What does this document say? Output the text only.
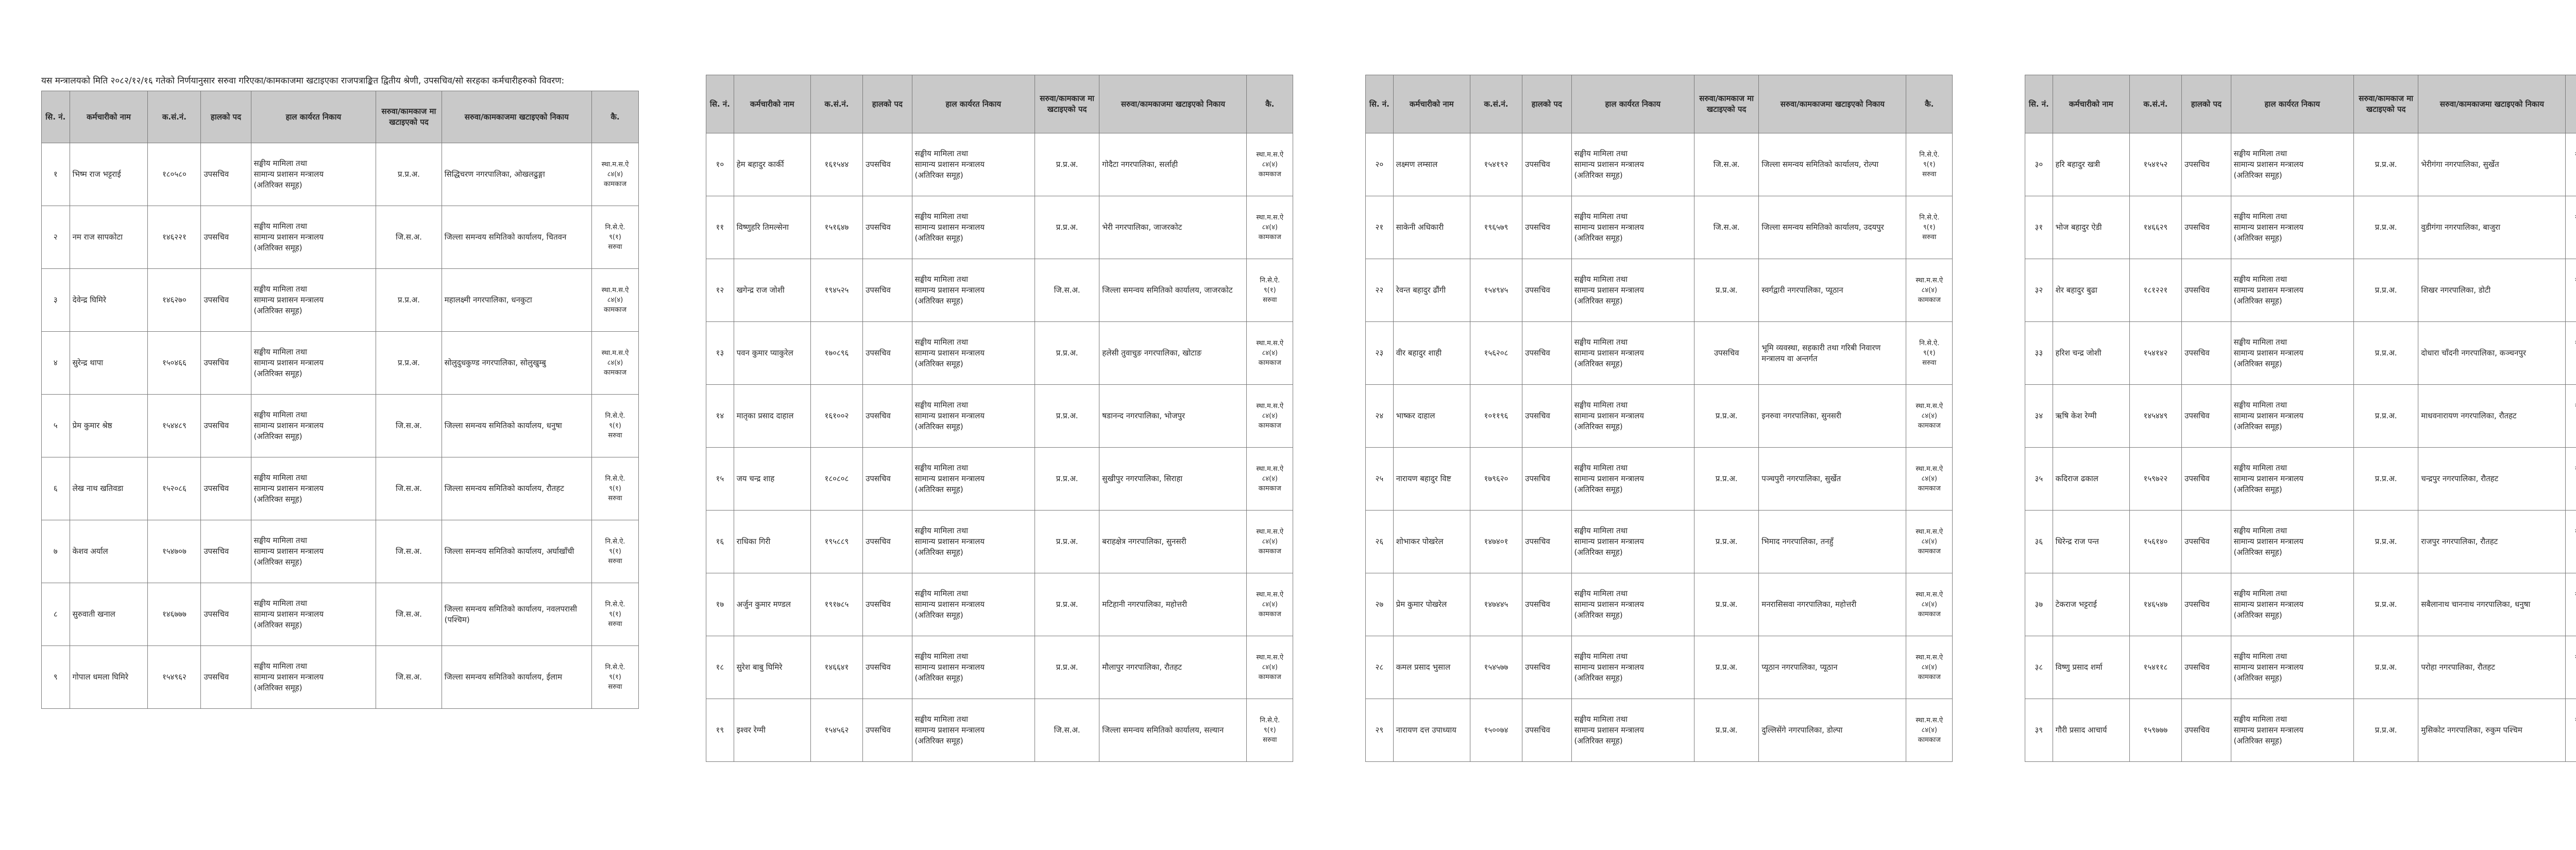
यस मन्त्रालयको मिति २०८२/१२/१६ गतेको निर्णयानुसार सरुवा गरिएका/कामकाजमा खटाइएका राजपत्राङ्कित द्वितीय श्रेणी, उपसचिव/सो सरहका कर्मचारीहरुको विवरण:

सि. नं.	कर्मचारीको नाम	क.सं.नं.	हालको पद	हाल कार्यरत निकाय	सरुवा/कामकाज मा खटाइएको पद	सरुवा/कामकाजमा खटाइएको निकाय	कै.
१	भिष्म राज भट्टराई	१८०५८०	उपसचिव	सङ्घीय मामिला तथा
सामान्य प्रशासन मन्त्रालय
(अतिरिक्त समूह)	प्र.प्र.अ.	सिद्धिचरण नगरपालिका, ओखलढुङ्गा	स्था.म.स.ऐ
८४(४)
कामकाज

२	नम राज सापकोटा	१४६२२१	उपसचिव	सङ्घीय मामिला तथा
सामान्य प्रशासन मन्त्रालय
(अतिरिक्त समूह)	जि.स.अ.	जिल्ला समन्वय समितिको कार्यालय, चितवन	नि.से.ऐ.
९(१)
सरुवा

३	देवेन्द्र घिमिरे	१४६२७०	उपसचिव	सङ्घीय मामिला तथा
सामान्य प्रशासन मन्त्रालय
(अतिरिक्त समूह)	प्र.प्र.अ.	महालक्ष्मी नगरपालिका, धनकुटा	स्था.म.स.ऐ
८४(४)
कामकाज

४	सुरेन्द्र थापा	१५०४६६	उपसचिव	सङ्घीय मामिला तथा
सामान्य प्रशासन मन्त्रालय
(अतिरिक्त समूह)	प्र.प्र.अ.	सोलुदुधकुण्ड नगरपालिका, सोलुखुम्बु	स्था.म.स.ऐ
८४(४)
कामकाज

५	प्रेम कुमार श्रेष्ठ	१५४४८९	उपसचिव	सङ्घीय मामिला तथा
सामान्य प्रशासन मन्त्रालय
(अतिरिक्त समूह)	जि.स.अ.	जिल्ला समन्वय समितिको कार्यालय, धनुषा	नि.से.ऐ.
९(१)
सरुवा

६	लेख नाथ खतिवडा	१५२०८६	उपसचिव	सङ्घीय मामिला तथा
सामान्य प्रशासन मन्त्रालय
(अतिरिक्त समूह)	जि.स.अ.	जिल्ला समन्वय समितिको कार्यालय, रौतहट	नि.से.ऐ.
९(१)
सरुवा

७	केशव अर्याल	१५४७०७	उपसचिव	सङ्घीय मामिला तथा
सामान्य प्रशासन मन्त्रालय
(अतिरिक्त समूह)	जि.स.अ.	जिल्ला समन्वय समितिको कार्यालय, अर्घाखाँची	नि.से.ऐ.
९(१)
सरुवा

८	सुरुवाती खनाल	१४६७७७	उपसचिव	सङ्घीय मामिला तथा
सामान्य प्रशासन मन्त्रालय
(अतिरिक्त समूह)	जि.स.अ.	जिल्ला समन्वय समितिको कार्यालय, नवलपरासी (पश्चिम)	नि.से.ऐ.
९(१)
सरुवा

९	गोपाल धमला घिमिरे	१५४९६२	उपसचिव	सङ्घीय मामिला तथा
सामान्य प्रशासन मन्त्रालय
(अतिरिक्त समूह)	जि.स.अ.	जिल्ला समन्वय समितिको कार्यालय, ईलाम	नि.से.ऐ.
९(१)
सरुवा
सि. नं.	कर्मचारीको नाम	क.सं.नं.	हालको पद	हाल कार्यरत निकाय	सरुवा/कामकाज मा खटाइएको पद	सरुवा/कामकाजमा खटाइएको निकाय	कै.
१०	हेम बहादुर कार्की	१६१५४४	उपसचिव	सङ्घीय मामिला तथा
सामान्य प्रशासन मन्त्रालय
(अतिरिक्त समूह)	प्र.प्र.अ.	गोदैटा नगरपालिका, सर्लाही	स्था.म.स.ऐ
८४(४)
कामकाज

११	विष्णुहरि तिमल्सेना	१५१६४७	उपसचिव	सङ्घीय मामिला तथा
सामान्य प्रशासन मन्त्रालय
(अतिरिक्त समूह)	प्र.प्र.अ.	भेरी नगरपालिका, जाजरकोट	स्था.म.स.ऐ
८४(४)
कामकाज

१२	खगेन्द्र राज जोशी	१९४५२५	उपसचिव	सङ्घीय मामिला तथा
सामान्य प्रशासन मन्त्रालय
(अतिरिक्त समूह)	जि.स.अ.	जिल्ला समन्वय समितिको कार्यालय, जाजरकोट	नि.से.ऐ.
९(१)
सरुवा

१३	पवन कुमार प्याकुरेल	१७०८९६	उपसचिव	सङ्घीय मामिला तथा
सामान्य प्रशासन मन्त्रालय
(अतिरिक्त समूह)	प्र.प्र.अ.	हलेसी तुवाचुङ नगरपालिका, खोटाङ	स्था.म.स.ऐ
८४(४)
कामकाज

१४	मातृका प्रसाद दाहाल	१६१००२	उपसचिव	सङ्घीय मामिला तथा
सामान्य प्रशासन मन्त्रालय
(अतिरिक्त समूह)	प्र.प्र.अ.	षडानन्द नगरपालिका, भोजपुर	स्था.म.स.ऐ
८४(४)
कामकाज

१५	जय चन्द्र शाह	१८०८०८	उपसचिव	सङ्घीय मामिला तथा
सामान्य प्रशासन मन्त्रालय
(अतिरिक्त समूह)	प्र.प्र.अ.	सुखीपुर नगरपालिका, सिराहा	स्था.म.स.ऐ
८४(४)
कामकाज

१६	राधिका गिरी	१९५८८९	उपसचिव	सङ्घीय मामिला तथा
सामान्य प्रशासन मन्त्रालय
(अतिरिक्त समूह)	प्र.प्र.अ.	बराहक्षेत्र नगरपालिका, सुनसरी	स्था.म.स.ऐ
८४(४)
कामकाज

१७	अर्जुन कुमार मण्डल	१९१७८५	उपसचिव	सङ्घीय मामिला तथा
सामान्य प्रशासन मन्त्रालय
(अतिरिक्त समूह)	प्र.प्र.अ.	मटिहानी नगरपालिका, महोत्तरी	स्था.म.स.ऐ
८४(४)
कामकाज

१८	सुरेश बाबु घिमिरे	१४६६४१	उपसचिव	सङ्घीय मामिला तथा
सामान्य प्रशासन मन्त्रालय
(अतिरिक्त समूह)	प्र.प्र.अ.	मौलापुर नगरपालिका, रौतहट	स्था.म.स.ऐ
८४(४)
कामकाज

१९	इश्वर रेग्मी	१५४५६२	उपसचिव	सङ्घीय मामिला तथा
सामान्य प्रशासन मन्त्रालय
(अतिरिक्त समूह)	जि.स.अ.	जिल्ला समन्वय समितिको कार्यालय, सल्यान	नि.से.ऐ.
९(१)
सरुवा
सि. नं.	कर्मचारीको नाम	क.सं.नं.	हालको पद	हाल कार्यरत निकाय	सरुवा/कामकाज मा खटाइएको पद	सरुवा/कामकाजमा खटाइएको निकाय	कै.
२०	लक्ष्मण लम्साल	१५४१९२	उपसचिव	सङ्घीय मामिला तथा
सामान्य प्रशासन मन्त्रालय
(अतिरिक्त समूह)	जि.स.अ.	जिल्ला समन्वय समितिको कार्यालय, रोल्पा	नि.से.ऐ.
९(१)
सरुवा

२१	साकेनी अधिकारी	१९६५७९	उपसचिव	सङ्घीय मामिला तथा
सामान्य प्रशासन मन्त्रालय
(अतिरिक्त समूह)	जि.स.अ.	जिल्ला समन्वय समितिको कार्यालय, उदयपुर	नि.से.ऐ.
९(१)
सरुवा

२२	रेवन्त बहादुर ढौंगी	१५४९४५	उपसचिव	सङ्घीय मामिला तथा
सामान्य प्रशासन मन्त्रालय
(अतिरिक्त समूह)	प्र.प्र.अ.	स्वर्गद्वारी नगरपालिका, प्यूठान	स्था.म.स.ऐ
८४(४)
कामकाज

२३	वीर बहादुर शाही	१५६२०८	उपसचिव	सङ्घीय मामिला तथा
सामान्य प्रशासन मन्त्रालय
(अतिरिक्त समूह)	उपसचिव	भूमि व्यवस्था, सहकारी तथा गरिबी निवारण मन्त्रालय वा अन्तर्गत	नि.से.ऐ.
९(१)
सरुवा

२४	भाष्कर दाहाल	१०११९६	उपसचिव	सङ्घीय मामिला तथा
सामान्य प्रशासन मन्त्रालय
(अतिरिक्त समूह)	प्र.प्र.अ.	इनरुवा नगरपालिका, सुनसरी	स्था.म.स.ऐ
८४(४)
कामकाज

२५	नारायण बहादुर विष्ट	१७९६२०	उपसचिव	सङ्घीय मामिला तथा
सामान्य प्रशासन मन्त्रालय
(अतिरिक्त समूह)	प्र.प्र.अ.	पञ्चपुरी नगरपालिका, सुर्खेत	स्था.म.स.ऐ
८४(४)
कामकाज

२६	शोभाकर पोखरेल	१४७४०१	उपसचिव	सङ्घीय मामिला तथा
सामान्य प्रशासन मन्त्रालय
(अतिरिक्त समूह)	प्र.प्र.अ.	भिमाद नगरपालिका, तनहुँ	स्था.म.स.ऐ
८४(४)
कामकाज

२७	प्रेम कुमार पोखरेल	१४७४४५	उपसचिव	सङ्घीय मामिला तथा
सामान्य प्रशासन मन्त्रालय
(अतिरिक्त समूह)	प्र.प्र.अ.	मनरासिसवा नगरपालिका, महोत्तरी	स्था.म.स.ऐ
८४(४)
कामकाज

२८	कमल प्रसाद भुसाल	१५४५७७	उपसचिव	सङ्घीय मामिला तथा
सामान्य प्रशासन मन्त्रालय
(अतिरिक्त समूह)	प्र.प्र.अ.	प्यूठान नगरपालिका, प्यूठान	स्था.म.स.ऐ
८४(४)
कामकाज

२९	नारायण दत्त उपाध्याय	१५००७४	उपसचिव	सङ्घीय मामिला तथा
सामान्य प्रशासन मन्त्रालय
(अतिरिक्त समूह)	प्र.प्र.अ.	दुल्लिसेंगे नगरपालिका, डोल्पा	स्था.म.स.ऐ
८४(४)
कामकाज
सि. नं.	कर्मचारीको नाम	क.सं.नं.	हालको पद	हाल कार्यरत निकाय	सरुवा/कामकाज मा खटाइएको पद	सरुवा/कामकाजमा खटाइएको निकाय	
३०	हरि बहादुर खत्री	१५४१५२	उपसचिव	सङ्घीय मामिला तथा
सामान्य प्रशासन मन्त्रालय
(अतिरिक्त समूह)	प्र.प्र.अ.	भेरीगंगा नगरपालिका, सुर्खेत	

३१	भोज बहादुर ऐडी	१४६६२९	उपसचिव	सङ्घीय मामिला तथा
सामान्य प्रशासन मन्त्रालय
(अतिरिक्त समूह)	प्र.प्र.अ.	वुडीगंगा नगरपालिका, बाजुरा	

३२	शेर बहादुर बुढा	१८१२२१	उपसचिव	सङ्घीय मामिला तथा
सामान्य प्रशासन मन्त्रालय
(अतिरिक्त समूह)	प्र.प्र.अ.	शिखर नगरपालिका, डोटी	

३३	हरिश चन्द्र जोशी	१५४१४२	उपसचिव	सङ्घीय मामिला तथा
सामान्य प्रशासन मन्त्रालय
(अतिरिक्त समूह)	प्र.प्र.अ.	दोधारा चाँदनी नगरपालिका, कञ्चनपुर	

३४	ऋषि केश रेग्मी	१४५४४९	उपसचिव	सङ्घीय मामिला तथा
सामान्य प्रशासन मन्त्रालय
(अतिरिक्त समूह)	प्र.प्र.अ.	माधवनारायण नगरपालिका, रौतहट	

३५	कदिराज ढकाल	१५९७२२	उपसचिव	सङ्घीय मामिला तथा
सामान्य प्रशासन मन्त्रालय
(अतिरिक्त समूह)	प्र.प्र.अ.	चन्द्रपुर नगरपालिका, रौतहट	

३६	धिरेन्द्र राज पन्त	१५६१४०	उपसचिव	सङ्घीय मामिला तथा
सामान्य प्रशासन मन्त्रालय
(अतिरिक्त समूह)	प्र.प्र.अ.	राजपुर नगरपालिका, रौतहट	

३७	टेकराज भट्टराई	१४६५४७	उपसचिव	सङ्घीय मामिला तथा
सामान्य प्रशासन मन्त्रालय
(अतिरिक्त समूह)	प्र.प्र.अ.	सबैलानाथ चाननाथ नगरपालिका, धनुषा	

३८	विष्णु प्रसाद शर्मा	१५४११८	उपसचिव	सङ्घीय मामिला तथा
सामान्य प्रशासन मन्त्रालय
(अतिरिक्त समूह)	प्र.प्र.अ.	परोहा नगरपालिका, रौतहट	

३९	गौरी प्रसाद आचार्य	१५९७७७	उपसचिव	सङ्घीय मामिला तथा
सामान्य प्रशासन मन्त्रालय
(अतिरिक्त समूह)	प्र.प्र.अ.	मुसिकोट नगरपालिका, रुकुम पश्चिम	
